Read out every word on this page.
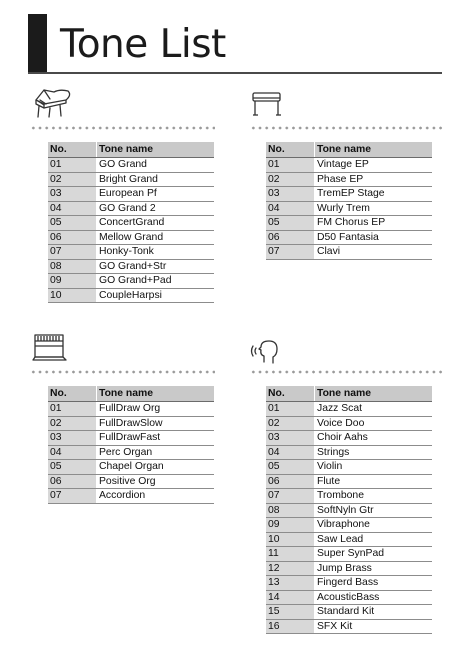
Tone List
No.	Tone name
01	GO Grand
02	Bright Grand
03	European Pf
04	GO Grand 2
05	ConcertGrand
06	Mellow Grand
07	Honky-Tonk
08	GO Grand+Str
09	GO Grand+Pad
10	CoupleHarpsi
No.	Tone name
01	Vintage EP
02	Phase EP
03	TremEP Stage
04	Wurly Trem
05	FM Chorus EP
06	D50 Fantasia
07	Clavi
No.	Tone name
01	FullDraw Org
02	FullDrawSlow
03	FullDrawFast
04	Perc Organ
05	Chapel Organ
06	Positive Org
07	Accordion
No.	Tone name
01	Jazz Scat
02	Voice Doo
03	Choir Aahs
04	Strings
05	Violin
06	Flute
07	Trombone
08	SoftNyln Gtr
09	Vibraphone
10	Saw Lead
11	Super SynPad
12	Jump Brass
13	Fingerd Bass
14	AcousticBass
15	Standard Kit
16	SFX Kit
